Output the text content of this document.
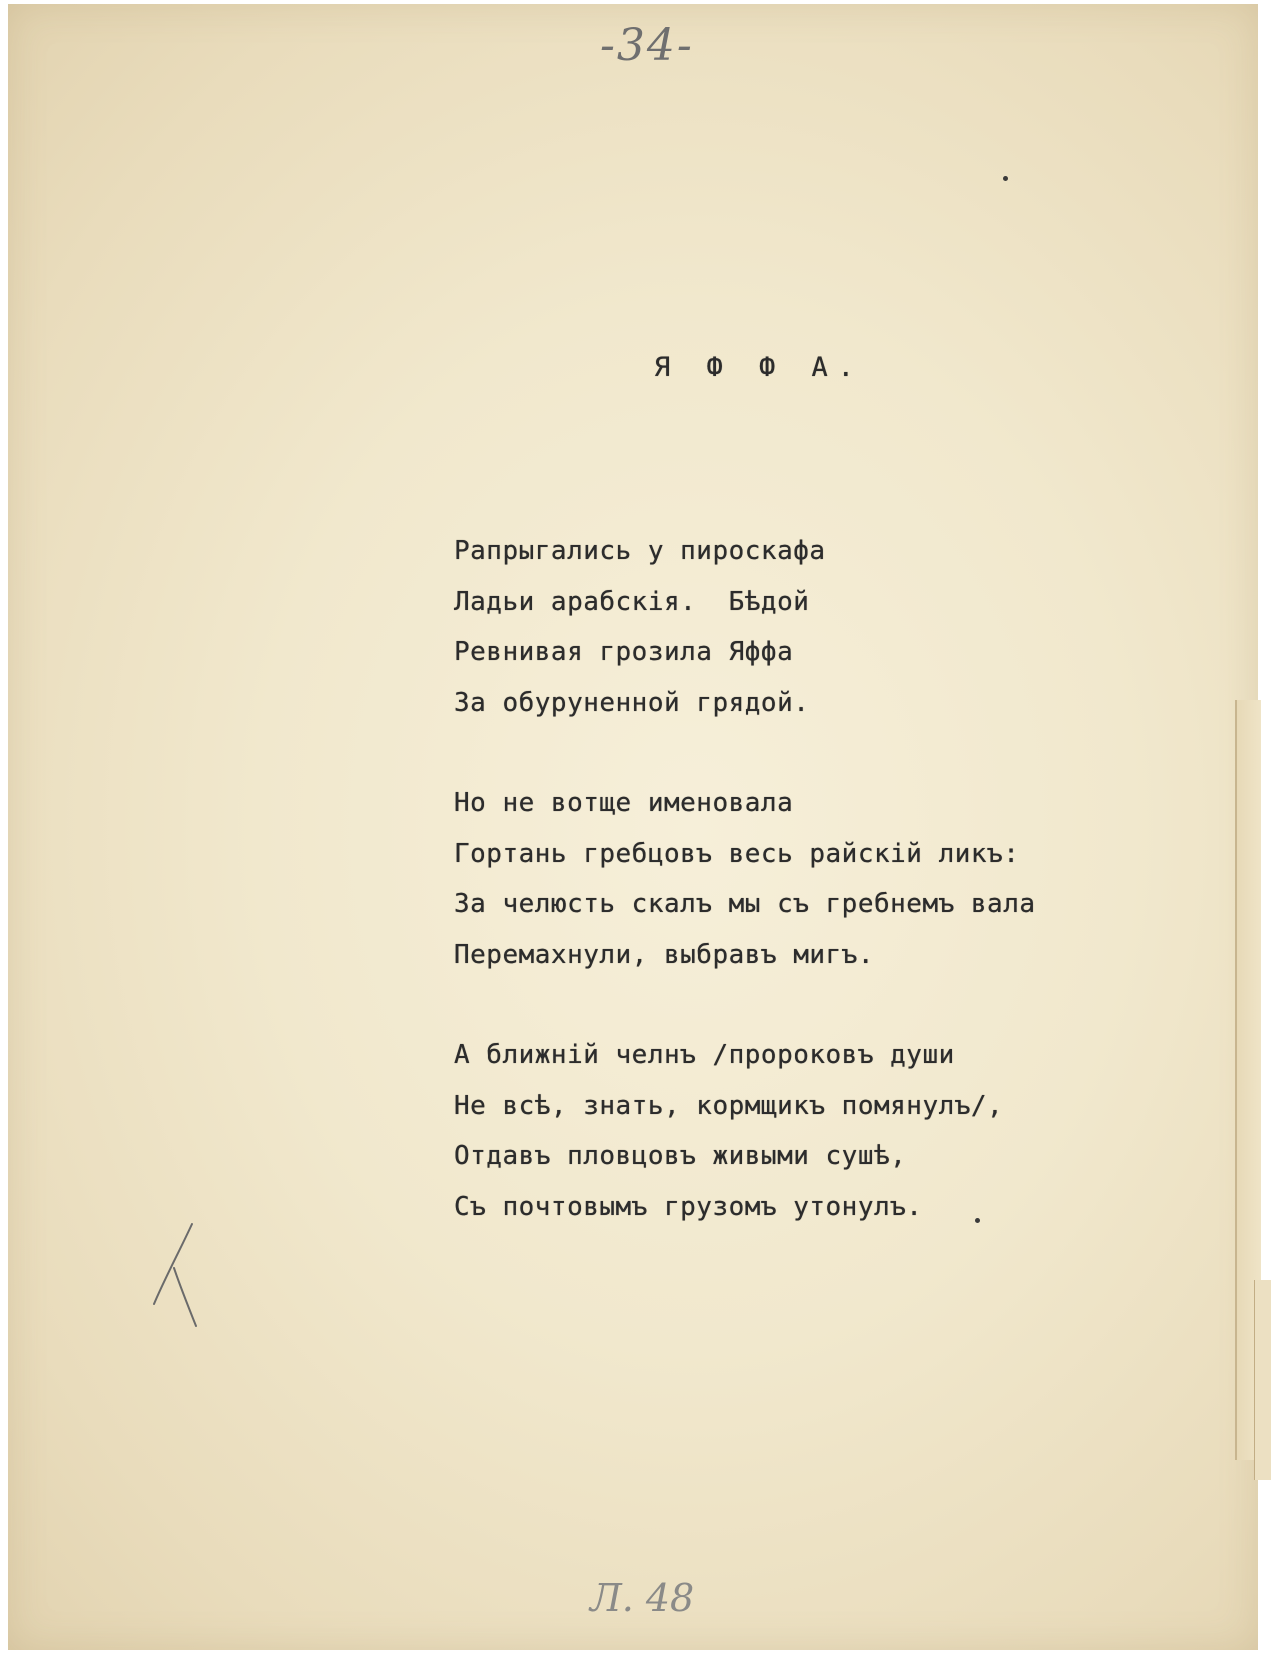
-34-
Я Ф Ф А.
Рапрыгались у пироскафа
Ладьи арабскія.  Бѣдой
Ревнивая грозила Яффа
За обуруненной грядой.
Но не вотще именовала
Гортань гребцовъ весь райскій ликъ:
За челюсть скалъ мы съ гребнемъ вала
Перемахнули, выбравъ мигъ.
А ближній челнъ /пророковъ души
Не всѣ, знать, кормщикъ помянулъ/,
Отдавъ пловцовъ живыми сушѣ,
Съ почтовымъ грузомъ утонулъ.
Л. 48
